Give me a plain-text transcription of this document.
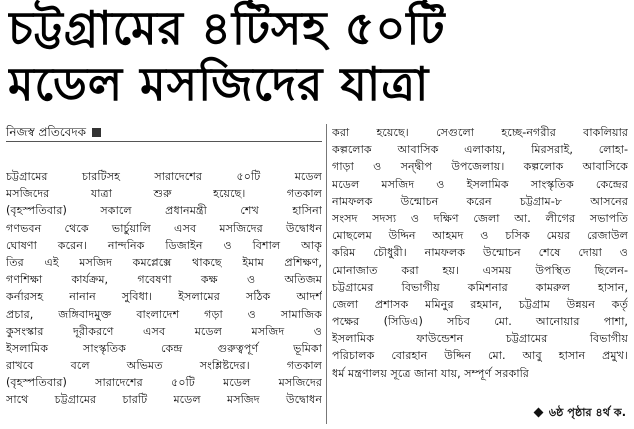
চট্টগ্রামের ৪টিসহ ৫০টি
মডেল মসজিদের যাত্রা
নিজস্ব প্রতিবেদক
চট্টগ্রামের চারটিসহ সারাদেশের ৫০টি মডেল
মসজিদের যাত্রা শুরু হয়েছে। গতকাল
(বৃহস্পতিবার) সকালে প্রধানমন্ত্রী শেখ হাসিনা
গণভবন থেকে ভার্চুয়ালি এসব মসজিদের উদ্বোধন
ঘোষণা করেন। নান্দনিক ডিজাইন ও বিশাল আকৃ
তির এই মসজিদ কমপ্লেক্সে থাকছে ইমাম প্রশিক্ষণ,
গণশিক্ষা কার্যক্রম, গবেষণা কক্ষ ও অতিজম
কর্নারসহ নানান সুবিধা। ইসলামের সঠিক আদর্শ
প্রচার, জঙ্গিবাদমুক্ত বাংলাদেশ গড়া ও সামাজিক
কুসংস্কার দূরীকরণে এসব মডেল মসজিদ ও
ইসলামিক সাংস্কৃতিক কেন্দ্র গুরুত্বপূর্ণ ভূমিকা
রাখবে বলে অভিমত সংশ্লিষ্টদের। গতকাল
(বৃহস্পতিবার) সারাদেশের ৫০টি মডেল মসজিদের
সাথে চট্টগ্রামের চারটি মডেল মসজিদ উদ্বোধন
করা হয়েছে। সেগুলো হচ্ছে-নগরীর বাকলিয়ার
কল্পলোক আবাসিক এলাকায়, মিরসরাই, লোহা-
গাড়া ও সন্দ্বীপ উপজেলায়। কল্পলোক আবাসিকে
মডেল মসজিদ ও ইসলামিক সাংস্কৃতিক কেন্দ্রের
নামফলক উন্মোচন করেন চট্টগ্রাম-৮ আসনের
সংসদ সদস্য ও দক্ষিণ জেলা আ. লীগের সভাপতি
মোছলেম উদ্দিন আহমদ ও চসিক মেয়র রেজাউল
করিম চৌধুরী। নামফলক উন্মোচন শেষে দোয়া ও
মোনাজাত করা হয়। এসময় উপস্থিত ছিলেন-
চট্টগ্রামের বিভাগীয় কমিশনার কামরুল হাসান,
জেলা প্রশাসক মমিনুর রহমান, চট্টগ্রাম উন্নয়ন কর্তৃ
পক্ষের (সিডিএ) সচিব মো. আনোয়ার পাশা,
ইসলামিক ফাউন্ডেশন চট্টগ্রামের বিভাগীয়
পরিচালক বোরহান উদ্দিন মো. আবু হাসান প্রমুখ।
ধর্ম মন্ত্রণালয় সূত্রে জানা যায়, সম্পূর্ণ সরকারি
৬ষ্ঠ পৃষ্ঠার ৪র্থ ক.
